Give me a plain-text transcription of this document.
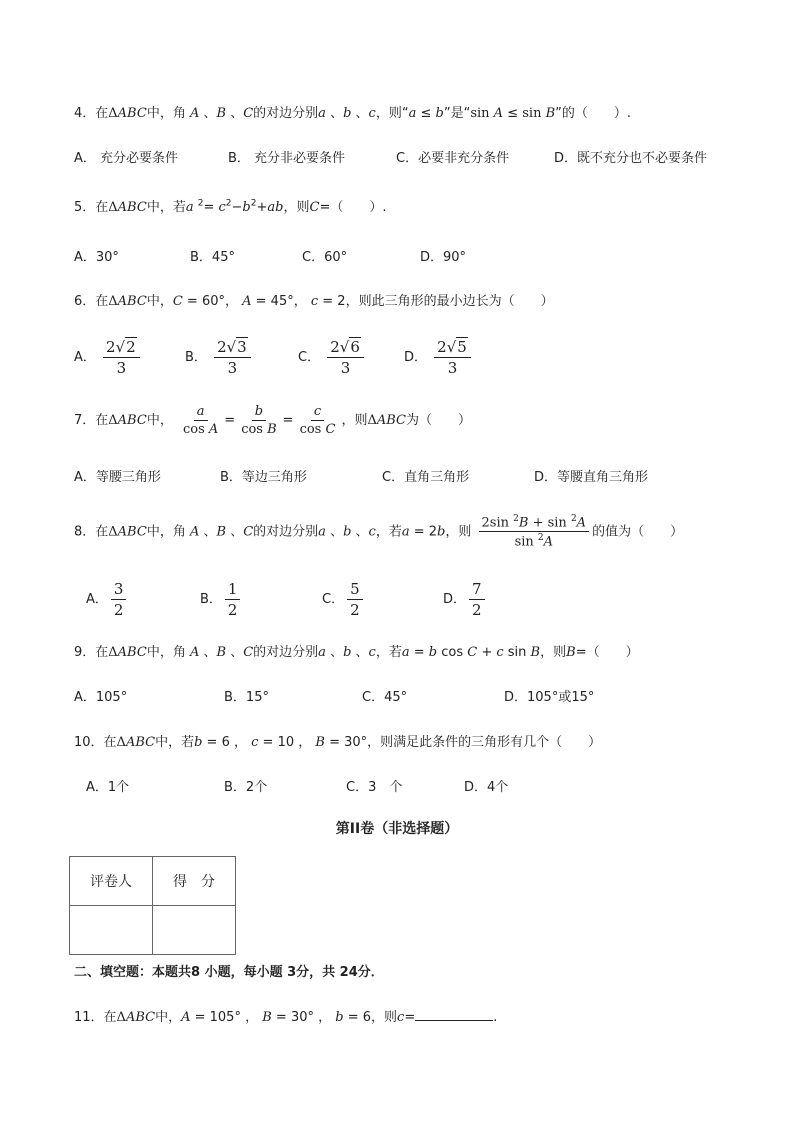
4．在ΔABC中，角 A 、B 、C的对边分别a 、b 、c，则“a ≤ b”是“sin A ≤ sin B”的（　　）.
A． 充分必要条件	B． 充分非必要条件	C．必要非充分条件	D．既不充分也不必要条件
5．在ΔABC中，若a $^2= c^2-b^2+ab$，则C=（　　）.
A．30°	B．45°	C．60°	D．90°
6．在ΔABC中，C = 60°， A = 45°， c = 2，则此三角形的最小边长为（　　）
A． $\frac{2√2}{3}$	B． $\frac{2√3}{3}$	C． $\frac{2√6}{3}$	D． $\frac{2√5}{3}$
7．在ΔABC中， $\frac{a}{\text{cos A}} = \frac{b}{\text{cos B}} = \frac{c}{\text{cos C}}$ ，则ΔABC为（　　）
A．等腰三角形	B．等边三角形	C．直角三角形	D．等腰直角三角形
8．在ΔABC中，角 A 、B 、C的对边分别a 、b 、c，若a = 2b，则 $\frac{2\sin ^2B + \sin ^2A}{\sin ^2A}$ 的值为（　　）
A． $\frac{3}{2}$	B． $\frac{1}{2}$	C． $\frac{5}{2}$	D． $\frac{7}{2}$
9．在ΔABC中，角 A 、B 、C的对边分别a 、b 、c，若a = b cos C + c sin B，则B=（　　）
A．105°	B．15°	C．45°	D．105°或15°
10．在ΔABC中，若b = 6 ， c = 10 ， B = 30°，则满足此条件的三角形有几个（　　）
A．1个	B．2个	C．3　个	D．4个
第II卷（非选择题）
评卷人	得　分

二、填空题：本题共8 小题，每小题 3分，共 24分．
11．在ΔABC中，A = 105° ， B = 30° ， b = 6，则c=	.
